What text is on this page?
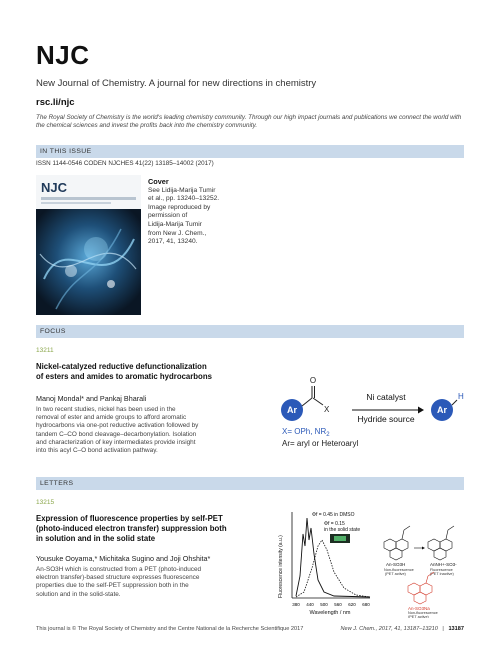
NJC
New Journal of Chemistry. A journal for new directions in chemistry
rsc.li/njc
The Royal Society of Chemistry is the world's leading chemistry community. Through our high impact journals and publications we connect the world with the chemical sciences and invest the profits back into the chemistry community.
IN THIS ISSUE
ISSN 1144-0546 CODEN NJCHES 41(22) 13185–14002 (2017)
NJC	Cover
See Lidija-Marija Tumir
et al., pp. 13240–13252.
Image reproduced by
permission of
Lidija-Marija Tumir
from New J. Chem.,
2017, 41, 13240.
FOCUS
13211
Nickel-catalyzed reductive defunctionalization
of esters and amides to aromatic hydrocarbons
Manoj Mondal* and Pankaj Bharali
In two recent studies, nickel has been used in the
removal of ester and amide groups to afford aromatic
hydrocarbons via one-pot reductive activation followed by
tandem C–CO bond cleavage–decarbonylation. Isolation
and characterization of key intermediates provide insight
into this acyl C–O bond activation pathway.
Ar
O
X
Ni catalyst
Hydride source
Ar
H
X= OPh, $NR_2$
Ar= aryl or Heteroaryl
LETTERS
13215
Expression of fluorescence properties by self-PET
(photo-induced electron transfer) suppression both
in solution and in the solid state
Yousuke Ooyama,* Michitaka Sugino and Joji Ohshita*
An-SO3H which is constructed from a PET (photo-induced
electron transfer)-based structure expresses fluorescence
properties due to the self-PET suppression both in the
solution and in the solid-state.	Fluorescence intensity (a.u.)
Wavelength / nm
380 440 500 560 620 680
Φf = 0.45 in DMSO
Φf = 0.15
in the solid state
An-SO3H
Non-fluorescence
(PET active)
AnNH+-SO3-
Fluorescence
(PET inactive)
An-SO3Na
Non-fluorescence
(PET active)
This journal is © The Royal Society of Chemistry and the Centre National de la Recherche Scientifique 2017	New J. Chem., 2017, 41, 13187–13210 | 13187
